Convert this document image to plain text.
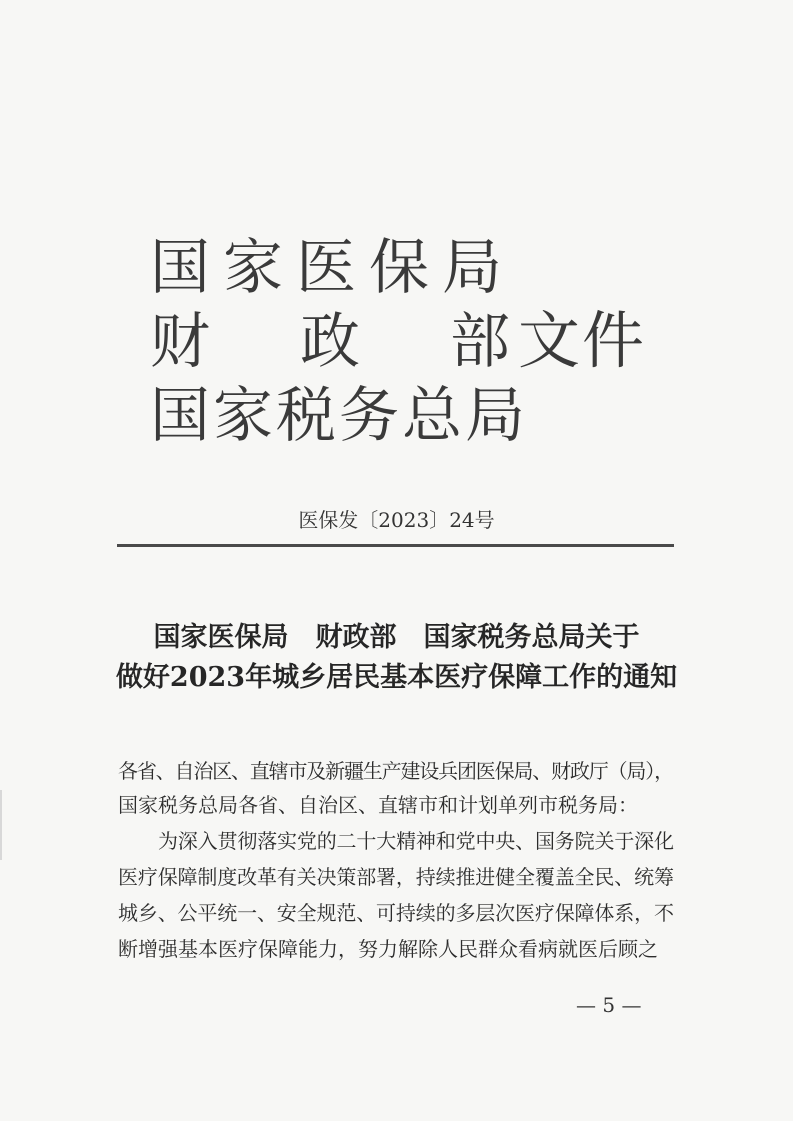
国家医保局
财 政 部
国家税务总局
文件
医保发〔2023〕24号
国家医保局　财政部　国家税务总局关于
做好2023年城乡居民基本医疗保障工作的通知
各省、自治区、直辖市及新疆生产建设兵团医保局、财政厅（局），
国家税务总局各省、自治区、直辖市和计划单列市税务局：
为深入贯彻落实党的二十大精神和党中央、国务院关于深化
医疗保障制度改革有关决策部署，持续推进健全覆盖全民、统筹
城乡、公平统一、安全规范、可持续的多层次医疗保障体系，不
断增强基本医疗保障能力，努力解除人民群众看病就医后顾之
— 5 —
